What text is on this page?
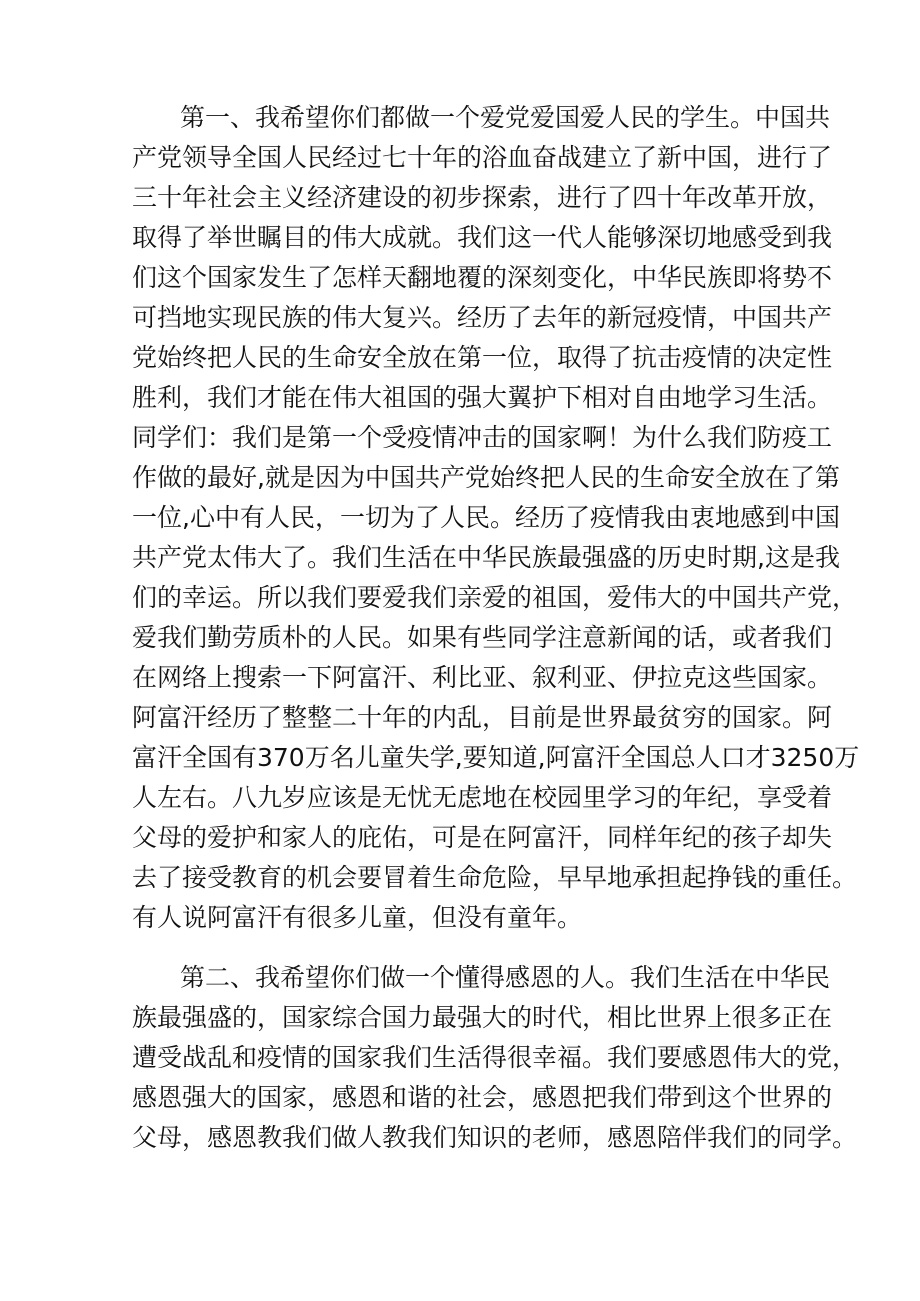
第一、我希望你们都做一个爱党爱国爱人民的学生。中国共
产党领导全国人民经过七十年的浴血奋战建立了新中国，进行了
三十年社会主义经济建设的初步探索，进行了四十年改革开放，
取得了举世瞩目的伟大成就。我们这一代人能够深切地感受到我
们这个国家发生了怎样天翻地覆的深刻变化，中华民族即将势不
可挡地实现民族的伟大复兴。经历了去年的新冠疫情，中国共产
党始终把人民的生命安全放在第一位，取得了抗击疫情的决定性
胜利，我们才能在伟大祖国的强大翼护下相对自由地学习生活。
同学们：我们是第一个受疫情冲击的国家啊！为什么我们防疫工
作做的最好,就是因为中国共产党始终把人民的生命安全放在了第
一位,心中有人民，一切为了人民。经历了疫情我由衷地感到中国
共产党太伟大了。我们生活在中华民族最强盛的历史时期,这是我
们的幸运。所以我们要爱我们亲爱的祖国，爱伟大的中国共产党，
爱我们勤劳质朴的人民。如果有些同学注意新闻的话，或者我们
在网络上搜索一下阿富汗、利比亚、叙利亚、伊拉克这些国家。
阿富汗经历了整整二十年的内乱，目前是世界最贫穷的国家。阿
富汗全国有370万名儿童失学,要知道,阿富汗全国总人口才3250万
人左右。八九岁应该是无忧无虑地在校园里学习的年纪，享受着
父母的爱护和家人的庇佑，可是在阿富汗，同样年纪的孩子却失
去了接受教育的机会要冒着生命危险，早早地承担起挣钱的重任。
有人说阿富汗有很多儿童，但没有童年。

第二、我希望你们做一个懂得感恩的人。我们生活在中华民
族最强盛的，国家综合国力最强大的时代，相比世界上很多正在
遭受战乱和疫情的国家我们生活得很幸福。我们要感恩伟大的党，
感恩强大的国家，感恩和谐的社会，感恩把我们带到这个世界的
父母，感恩教我们做人教我们知识的老师，感恩陪伴我们的同学。
